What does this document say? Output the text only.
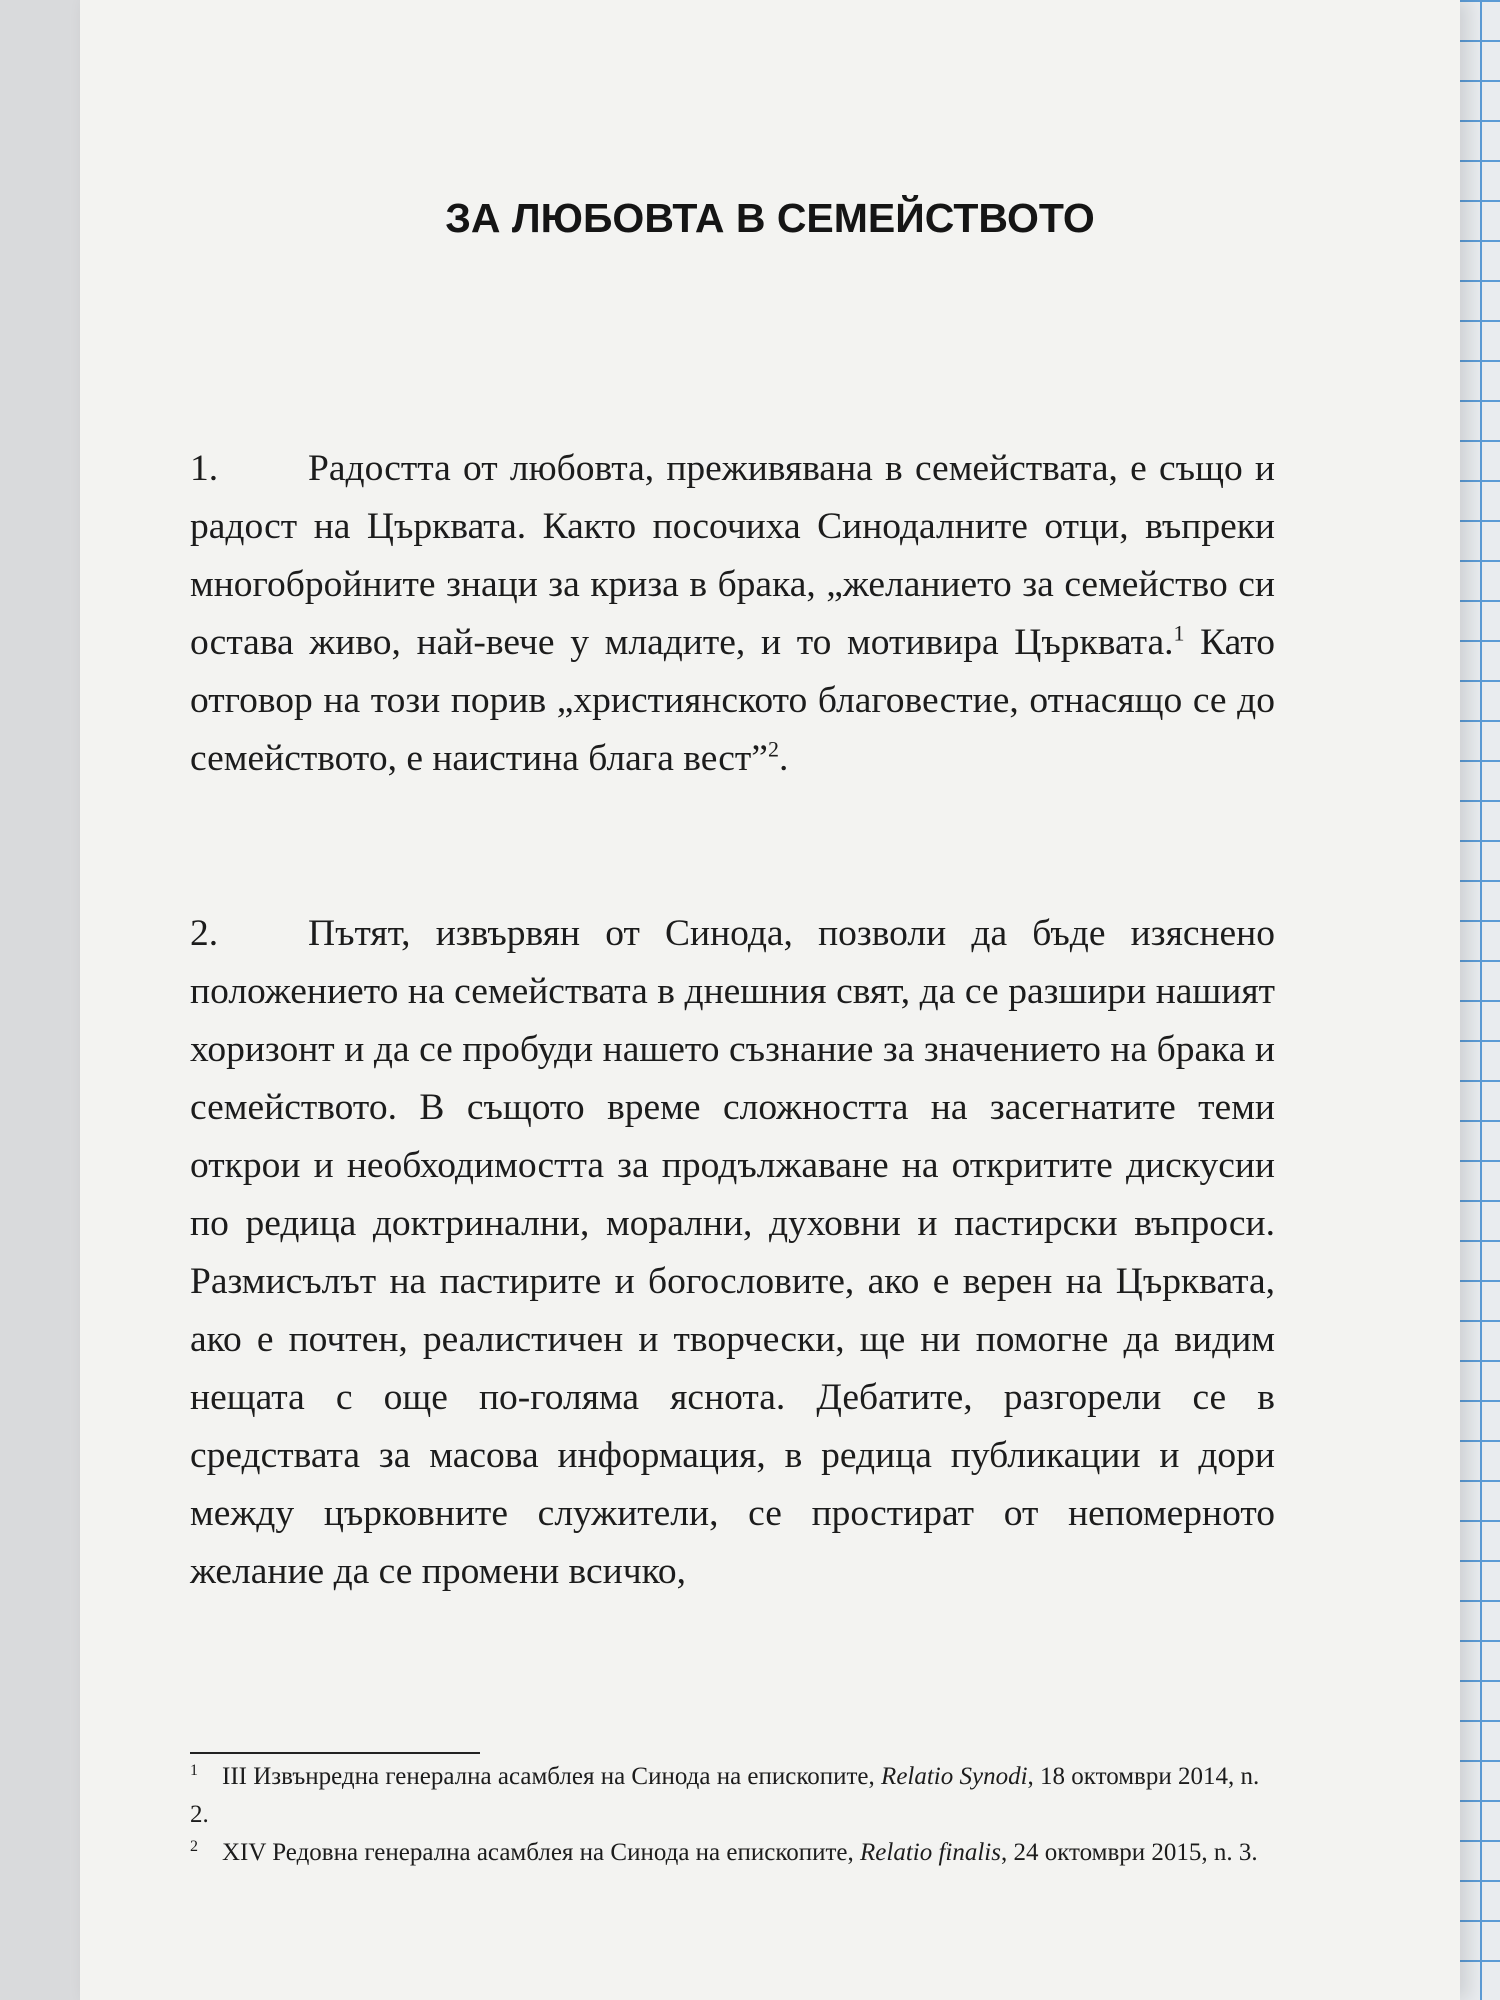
ЗА ЛЮБОВТА В СЕМЕЙСТВОТО

1. Радостта от любовта, преживявана в семействата, е също и радост на Църквата. Както посочиха Синодалните отци, въпреки многобройните знаци за криза в брака, „желанието за семейство си остава живо, най-вече у младите, и то мотивира Църквата.$^1$ Като отговор на този порив „християнското благовестие, отнасящо се до семейството, е наистина блага вест”$^2$.

2. Пътят, извървян от Синода, позволи да бъде изяснено положението на семействата в днешния свят, да се разшири нашият хоризонт и да се пробуди нашето съзнание за значението на брака и семейството. В същото време сложността на засегнатите теми открои и необходимостта за продължаване на откритите дискусии по редица доктринални, морални, духовни и пастирски въпроси. Размисълът на пастирите и богословите, ако е верен на Църквата, ако е почтен, реалистичен и творчески, ще ни помогне да видим нещата с още по-голяма яснота. Дебатите, разгорели се в средствата за масова информация, в редица публикации и дори между църковните служители, се простират от непомерното желание да се промени всичко,

$^1$ III Извънредна генерална асамблея на Синода на епископите, Relatio Synodi, 18 октомври 2014, n. 2.

$^2$ XIV Редовна генерална асамблея на Синода на епископите, Relatio finalis, 24 октомври 2015, n. 3.
